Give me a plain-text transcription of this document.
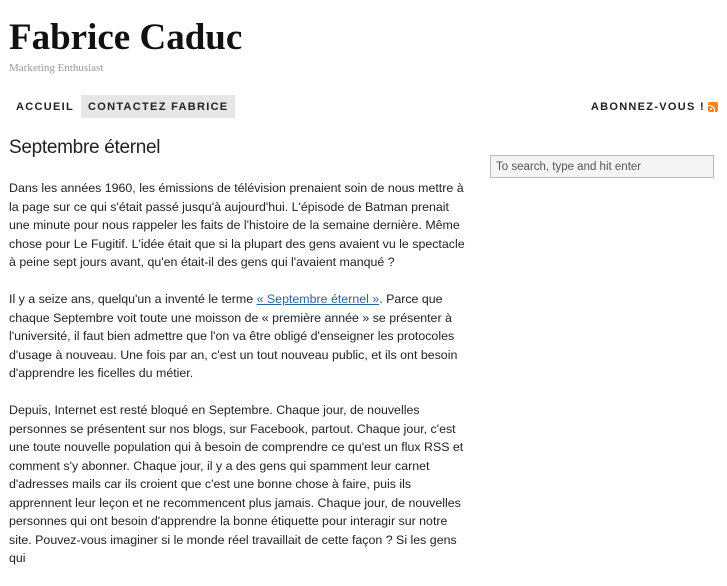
Fabrice Caduc
Marketing Enthusiast
ACCUEIL	CONTACTEZ FABRICE	ABONNEZ-VOUS !
Septembre éternel

Dans les années 1960, les émissions de télévision prenaient soin de nous mettre à la page sur ce qui s'était passé jusqu'à aujourd'hui. L'épisode de Batman prenait une minute pour nous rappeler les faits de l'histoire de la semaine dernière. Même chose pour Le Fugitif. L'idée était que si la plupart des gens avaient vu le spectacle à peine sept jours avant, qu'en était-il des gens qui l'avaient manqué ?

Il y a seize ans, quelqu'un a inventé le terme « Septembre éternel ». Parce que chaque Septembre voit toute une moisson de « première année » se présenter à l'université, il faut bien admettre que l'on va être obligé d'enseigner les protocoles d'usage à nouveau. Une fois par an, c'est un tout nouveau public, et ils ont besoin d'apprendre les ficelles du métier.

Depuis, Internet est resté bloqué en Septembre. Chaque jour, de nouvelles personnes se présentent sur nos blogs, sur Facebook, partout. Chaque jour, c'est une toute nouvelle population qui à besoin de comprendre ce qu'est un flux RSS et comment s'y abonner. Chaque jour, il y a des gens qui spamment leur carnet d'adresses mails car ils croient que c'est une bonne chose à faire, puis ils apprennent leur leçon et ne recommencent plus jamais. Chaque jour, de nouvelles personnes qui ont besoin d'apprendre la bonne étiquette pour interagir sur notre site. Pouvez-vous imaginer si le monde réel travaillait de cette façon ? Si les gens qui

To search, type and hit enter
